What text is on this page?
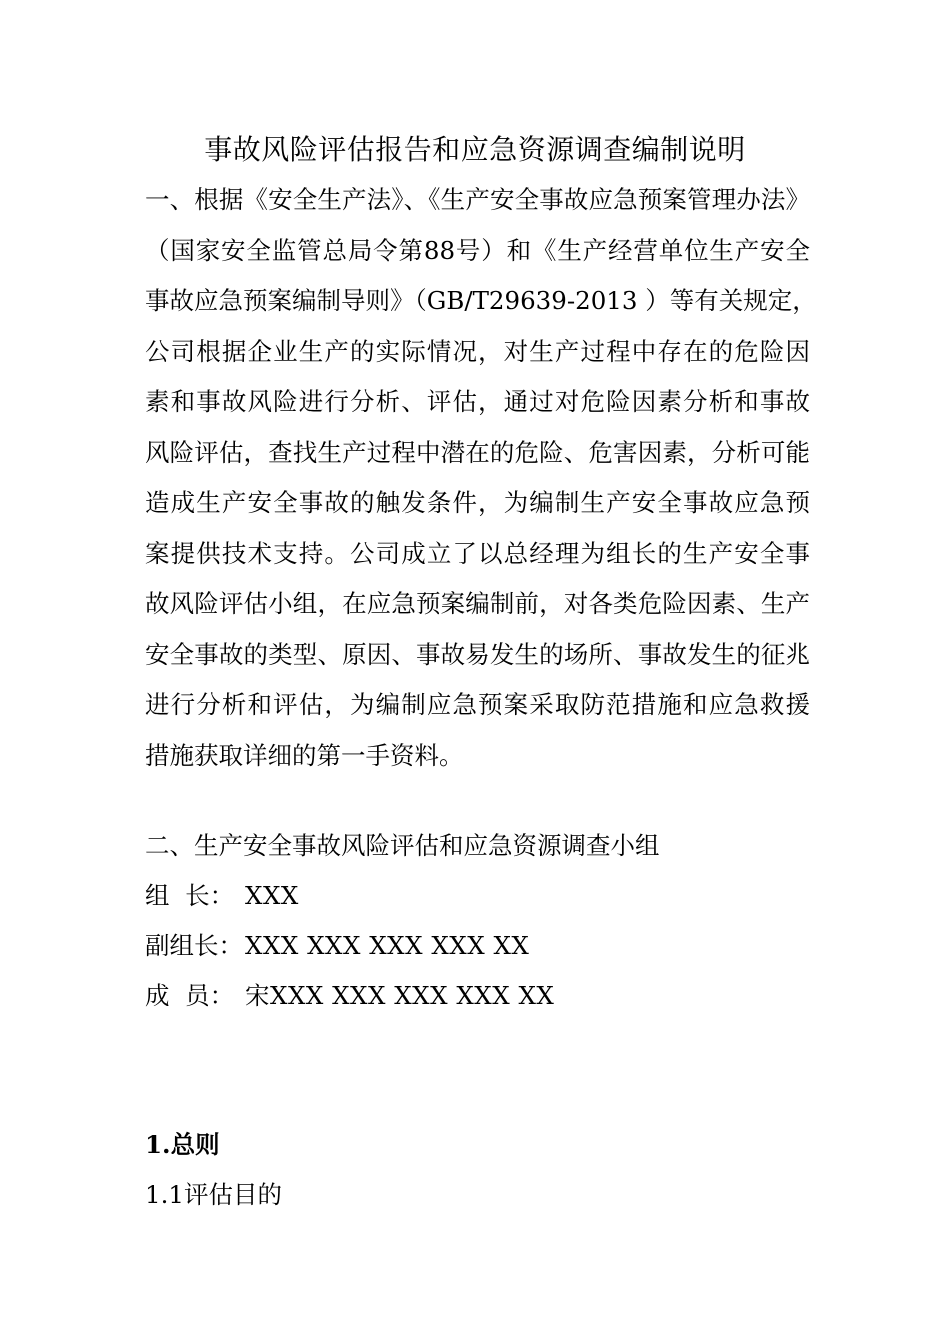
事故风险评估报告和应急资源调查编制说明
一、根据《安全生产法》、《生产安全事故应急预案管理办法》
（国家安全监管总局令第88号）和《生产经营单位生产安全
事故应急预案编制导则》（GB/T29639-2013 ）等有关规定，
公司根据企业生产的实际情况，对生产过程中存在的危险因
素和事故风险进行分析、评估，通过对危险因素分析和事故
风险评估，查找生产过程中潜在的危险、危害因素，分析可能
造成生产安全事故的触发条件，为编制生产安全事故应急预
案提供技术支持。公司成立了以总经理为组长的生产安全事
故风险评估小组，在应急预案编制前，对各类危险因素、生产
安全事故的类型、原因、事故易发生的场所、事故发生的征兆
进行分析和评估，为编制应急预案采取防范措施和应急救援
措施获取详细的第一手资料。
二、生产安全事故风险评估和应急资源调查小组
组  长： XXX
副组长：XXX XXX XXX XXX XX
成  员： 宋XXX XXX XXX XXX XX
1.总则
1.1评估目的
